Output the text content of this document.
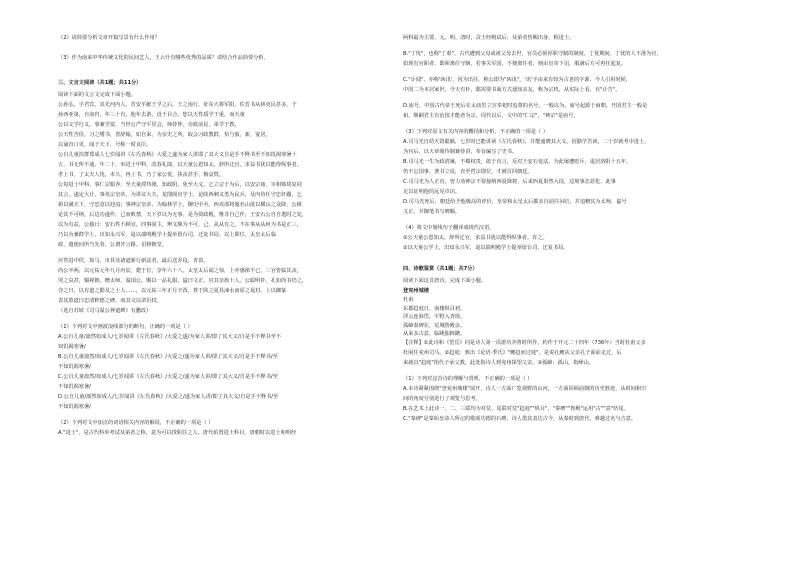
（2）请简要分析文章开篇写景有什么作用？

（3）作为南来中华传统文化的民间艺人，王云升有哪些优秀的品质？请结合作品简要分析。

三、文言文阅读（共1题；共11分）

阅读下面的文言文完成下面小题。

公孙弘，字君宾，其先河内人，晋安平献王孚之后。王之南行，征东大将军阳，佐晋书从林吏民甚多，于

孙西亚第，自南归，年三十有，他年去游，没于目合。您以天性质学于重，而天童

公以文学行义，事兼学富，当世公严守平居会，师侍仲，旁政前民，弟学于教，

公天性苦俭，习之嗜书，善辞翰，如自来，为亲史之所，取会习政教群，恰与旅，新，宴居，

以诵直口更，闻于天下，号称一时良臣。

公自儿童滨群郑成人七岁闻讲《左氏春秋》大爱之遂为家人讲即了其大义自是手不释书至不知饥渴寒暑十

五，书无所不通。年二十，举进士甲科，改春礼郎，以天童公恩知太，辞所迁官。求益书犹以能得纵事者。

孝上书，了太夫人忧，未久，再上书，乃丁家公忧，执丧甚手，极哀毁。

公每进士甲科，事仁宗服养，至天童滞待剧，知政阴，免至大义，乞立宗于为后，以安宗庙，宰相韩琦复同

其言，遂定大计，事英宗皇帝，为讲议大夫，龙图阁直学士，论陕西刺义勇为民兵，及内侍任守忠奸蠹，乞

新以满天下，守忠竟以迎流；事神宗皇帝，为翰林学士，御史中丞。西戎部将嵬名山欲以横山之众降，公极

论其不可纳，后边功遂作，己而败禁，天下岁以为无事。是为资政殿，惟非自己作，王安石公自自逃时之处，

以为有益，公独日：安石性不顾宜，四事固主，辨义颇为不可，己，从从有之，不在事从从何为书是正三，

乃以为兼群学士，出知永兴军，退以端明殿学士提举留台司，迁复书局。以上即位，太皇太后临

政，遣使问所当先者，公谓开言路。诏榜朝堂。

应答进中侯，筠马，市县及诸道新行新法者，最后送差役，青苗。

尚公卒两，以元祐元年九月丙辰，薨于位，享年六十八。太皇太后闻之惊，上亦感涕不已，三官皆临其丧，

哭之哀甚，辍视朝，赠太师、温国公，赐以一品礼服，谥曰文正，官其亲族十人。公聪明朴，孔如尚书仍之，

夺之曰，以有道之勤及之士人……，以元祐三年正月辛酉，葬于陕之夏县涑水南原之晁村。上以御篆

表其墓道曰忠清粹德之碑，而其文以命臣轼。

（选自苏轼《司马温公神道碑》有删改）

（1）下列对文中画波浪线部分的断句，正确的一项是（ ）

A.公自儿童/凛然如成人/七岁闻讲《左氏春秋》/大爱之遂/为家人讲/即了其大义/自是手不释书至不

知饥渴寒暑/

B.公自儿童凛然/如成人/七岁闻讲《左氏春秋》/大爱之/遂为家人讲/即了其大义/自是手不释书/至

不知饥渴寒暑/

C.公自儿童凛然/如成人/七岁闻讲《左氏春秋》/大爱之/遂为家人讲/即了其大义/自是手不释书/至

不知饥渴寒暑/

D.公自儿童/凛然如成人/七岁闻讲《左氏春秋》/大爱之/遂为家人讲/即了其大义/自是手不释书/至

不知饥渴寒暑/

（2）下列对文中加点的词语相关内容的解说，不正确的一项是（ ）

A."进士"，是古代科举考试及第者之称，意为可以授职任之人。唐代始置进士科目，唐朝时以进士和明经

两科最为主要，元、明、清时，贡士经殿试后，及第者皆赐出身，称进士。

B."丁忧"，也称"丁艰"，古代遭到父母或祖父母去世，官员必须停职守制的制度。丁优期间，丁忧的人不准为官，

如现有官职者，即须离任守制，若事关军国，不便离任者，则由皇帝下诏，服满后方可再任起复。

C."讣闻"，亦称'凶讯'，因为出任，称公即为"凶讯"。'讯'字由来有较为古老的字源，今人引用时候，

中国二为本居家世，今天有朴，都需要书面方式通知亲友，称为宗机，从实际上看，有"讣告"。

D.庙号，中国古代帝王死后在太庙里立宣奉祀时追尊的名号，一般以为，庙号起源于商朝。开国君主一般是

祖，继嗣君主有治国才能者为宗。周代以后，文中的"仁宗"，"神宗"是庙号。

（3）下列对原文有关内容的概括和分析，不正确的一项是（ ）

A.司马光自幼天资聪颖，七岁时已能讲读《左氏春秋》，并能通晓其大义，因勤学苦读，二十岁就考中进士，

为官后，以天章阁待制兼侍讲，奉旨编写了史书。

B.司马光一生为政清廉，不媚权贵，敢于直言，反对王安石变法，为此屡遭贬斥，退居洛阳十五年，

仍不忘国事，著书立说，直至哲宗即位，才被召回朝廷。

C.司马光为人正直，曾力劝神宗不要接纳西夏降将，后来西夏果然入侵，边境事态恶化，此事

足以证明他的远见卓识。

D.司马光死后，朝廷给予他极高的评价，皇帝和太皇太后都亲自前往吊唁，并追赠其为太师，谥号

文正，并御笔书写碑额。

（4）将文中划线句子翻译成现代汉语。

①公天童公恩知太，辞所迁官，求益书犹以能得纵事者。许之。

②以天童公学士，出知永兴军，退以端明殿学士提举留台司，迁复书局。

四、诗歌鉴赏（共1题；共7分）

阅读下面这首唐诗，完成下面小题。

登兖州城楼

杜甫

东郡趋庭日，南楼纵目初。

浮云连海岱，平野入青徐。

孤嶂秦碑在，荒城鲁殿余。

从来多古意，临眺独踌躇。

【注释】①此诗和《望岳》同是诗人第一次游历齐鲁时所作。约作于开元二十四年（736年）当时杜甫父亲

杜闲任兖州司马。②趋庭：典出《论语·季氏》"鲤趋而过庭"，是说孔鲤从父亲孔子面前走过，后

来就以"趋庭"指代子承父教，此处指诗人到兖州探望父亲。③孤嶂：孤山，指峄山。

（1）下列对这首诗的理解与赏析，不正确的一项是（ ）

A.本诗紧紧围绕"登兖州城楼"展开，诗人一方面广览视野的山河，一方面回顾前朝的历史胜迹，从时间和空

间的角度分别进行了观览与思考。

B.在艺术上此诗一、二、三联均为对仗，尾联对仗"趋庭""纵目"，"秦碑""鲁殿"运用"古""意"结尾。

C."秦碑"是秦始皇命人所记的歌颂功德的石碑，诗人借其表达古今，从秦时到唐代，难越过名与吉意。
